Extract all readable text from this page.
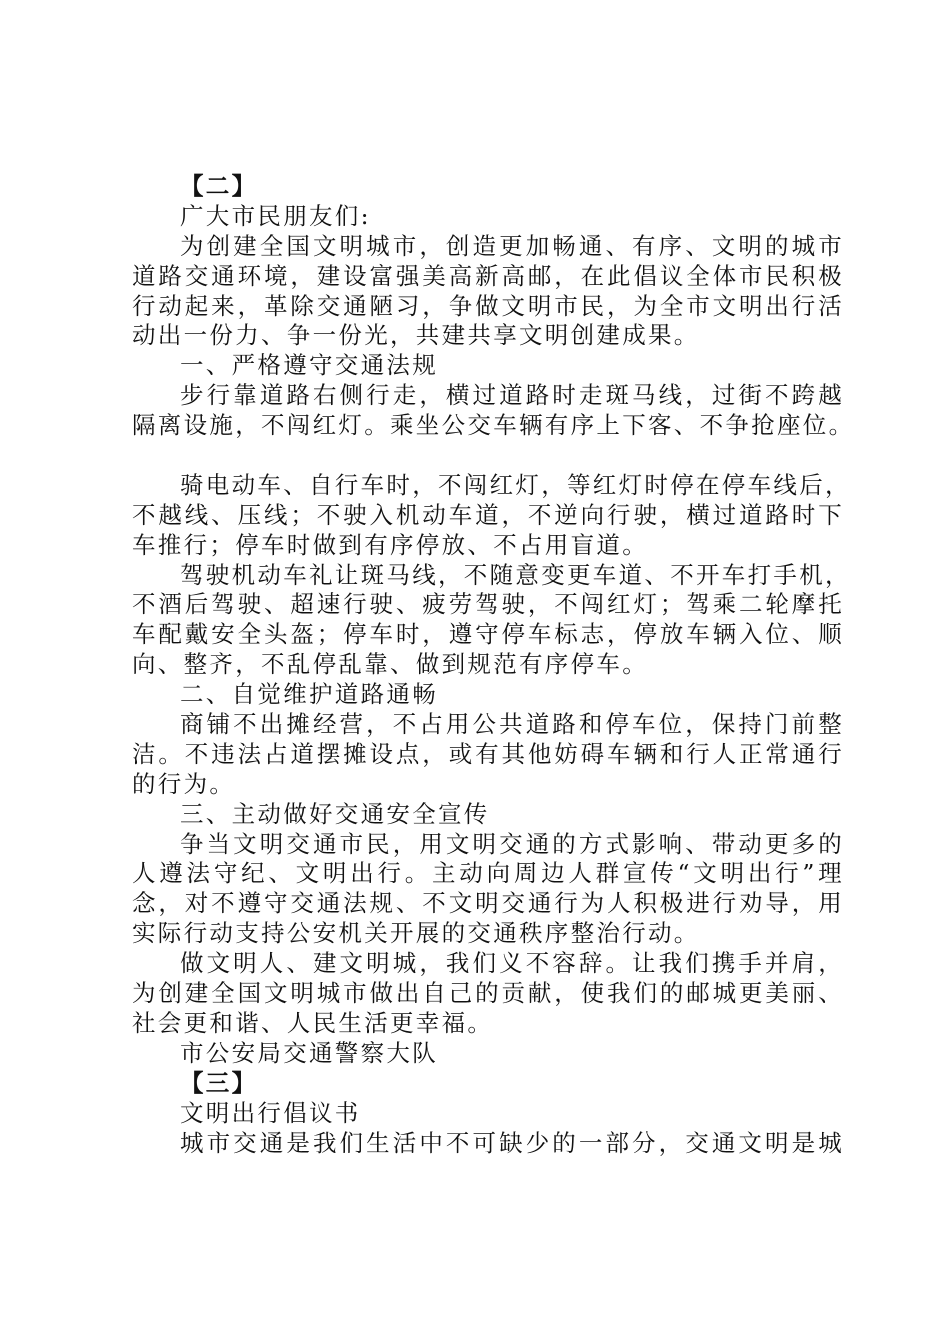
【二】
广大市民朋友们:
为创建全国文明城市，创造更加畅通、有序、文明的城市
道路交通环境，建设富强美高新高邮，在此倡议全体市民积极
行动起来，革除交通陋习，争做文明市民，为全市文明出行活
动出一份力、争一份光，共建共享文明创建成果。
一、严格遵守交通法规
步行靠道路右侧行走，横过道路时走斑马线，过街不跨越
隔离设施，不闯红灯。乘坐公交车辆有序上下客、不争抢座位。
骑电动车、自行车时，不闯红灯，等红灯时停在停车线后，
不越线、压线；不驶入机动车道，不逆向行驶，横过道路时下
车推行；停车时做到有序停放、不占用盲道。
驾驶机动车礼让斑马线，不随意变更车道、不开车打手机，
不酒后驾驶、超速行驶、疲劳驾驶，不闯红灯；驾乘二轮摩托
车配戴安全头盔；停车时，遵守停车标志，停放车辆入位、顺
向、整齐，不乱停乱靠、做到规范有序停车。
二、自觉维护道路通畅
商铺不出摊经营，不占用公共道路和停车位，保持门前整
洁。不违法占道摆摊设点，或有其他妨碍车辆和行人正常通行
的行为。
三、主动做好交通安全宣传
争当文明交通市民，用文明交通的方式影响、带动更多的
人遵法守纪、文明出行。主动向周边人群宣传“文明出行”理
念，对不遵守交通法规、不文明交通行为人积极进行劝导，用
实际行动支持公安机关开展的交通秩序整治行动。
做文明人、建文明城，我们义不容辞。让我们携手并肩，
为创建全国文明城市做出自己的贡献，使我们的邮城更美丽、
社会更和谐、人民生活更幸福。
市公安局交通警察大队
【三】
文明出行倡议书
城市交通是我们生活中不可缺少的一部分，交通文明是城
